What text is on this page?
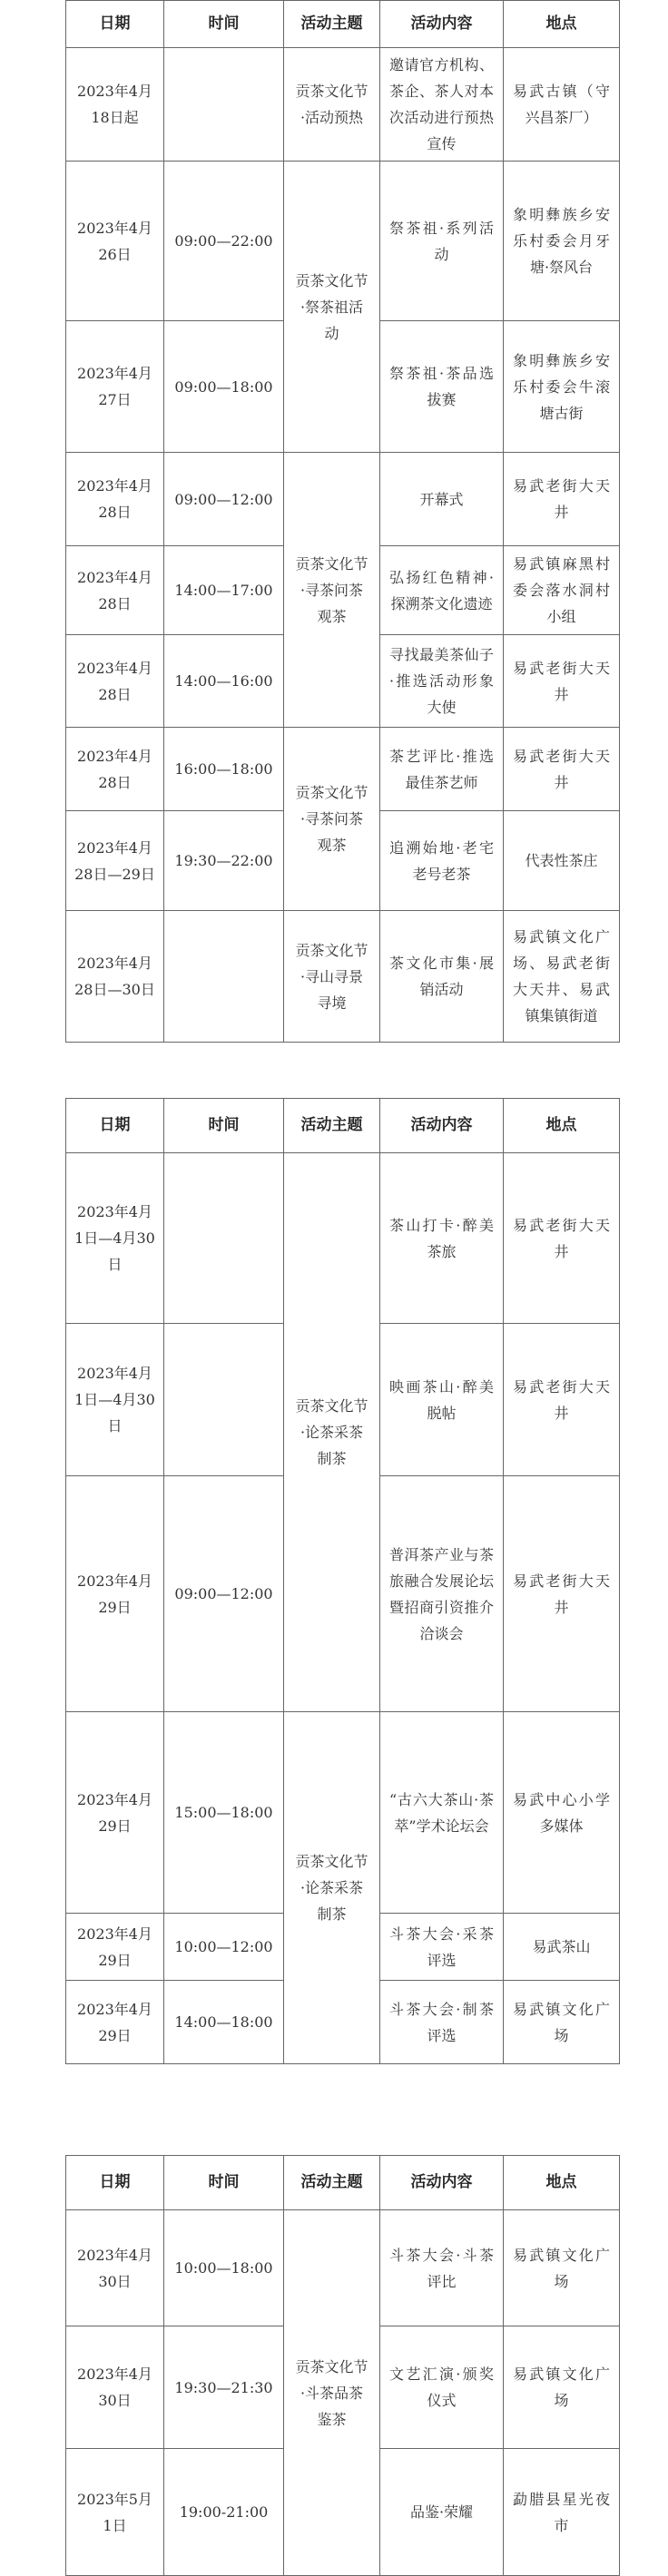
日期	时间	活动主题	活动内容	地点
2023年4月18日起		贡茶文化节·活动预热	邀请官方机构、茶企、茶人对本次活动进行预热宣传	易武古镇（守兴昌茶厂）
2023年4月26日	09:00—22:00	贡茶文化节·祭茶祖活动	祭茶祖·系列活动	象明彝族乡安乐村委会月牙塘·祭风台
2023年4月27日	09:00—18:00		祭茶祖·茶品选拔赛	象明彝族乡安乐村委会牛滚塘古街
2023年4月28日	09:00—12:00	贡茶文化节·寻茶问茶观茶	开幕式	易武老街大天井
2023年4月28日	14:00—17:00		弘扬红色精神·探溯茶文化遗迹	易武镇麻黑村委会落水洞村小组
2023年4月28日	14:00—16:00		寻找最美茶仙子·推选活动形象大使	易武老街大天井
2023年4月28日	16:00—18:00	贡茶文化节·寻茶问茶观茶	茶艺评比·推选最佳茶艺师	易武老街大天井
2023年4月28日—29日	19:30—22:00		追溯始地·老宅老号老茶	代表性茶庄
2023年4月28日—30日		贡茶文化节·寻山寻景寻境	茶文化市集·展销活动	易武镇文化广场、易武老街大天井、易武镇集镇街道
日期	时间	活动主题	活动内容	地点
2023年4月1日—4月30日		贡茶文化节·论茶采茶制茶	茶山打卡·醉美茶旅	易武老街大天井
2023年4月1日—4月30日			映画茶山·醉美脱帖	易武老街大天井
2023年4月29日	09:00—12:00		普洱茶产业与茶旅融合发展论坛暨招商引资推介洽谈会	易武老街大天井
2023年4月29日	15:00—18:00	贡茶文化节·论茶采茶制茶	“古六大茶山·茶萃”学术论坛会	易武中心小学多媒体
2023年4月29日	10:00—12:00		斗茶大会·采茶评选	易武茶山
2023年4月29日	14:00—18:00		斗茶大会·制茶评选	易武镇文化广场
日期	时间	活动主题	活动内容	地点
2023年4月30日	10:00—18:00	贡茶文化节·斗茶品茶鉴茶	斗茶大会·斗茶评比	易武镇文化广场
2023年4月30日	19:30—21:30		文艺汇演·颁奖仪式	易武镇文化广场
2023年5月1日	19:00-21:00		品鉴·荣耀	勐腊县星光夜市
